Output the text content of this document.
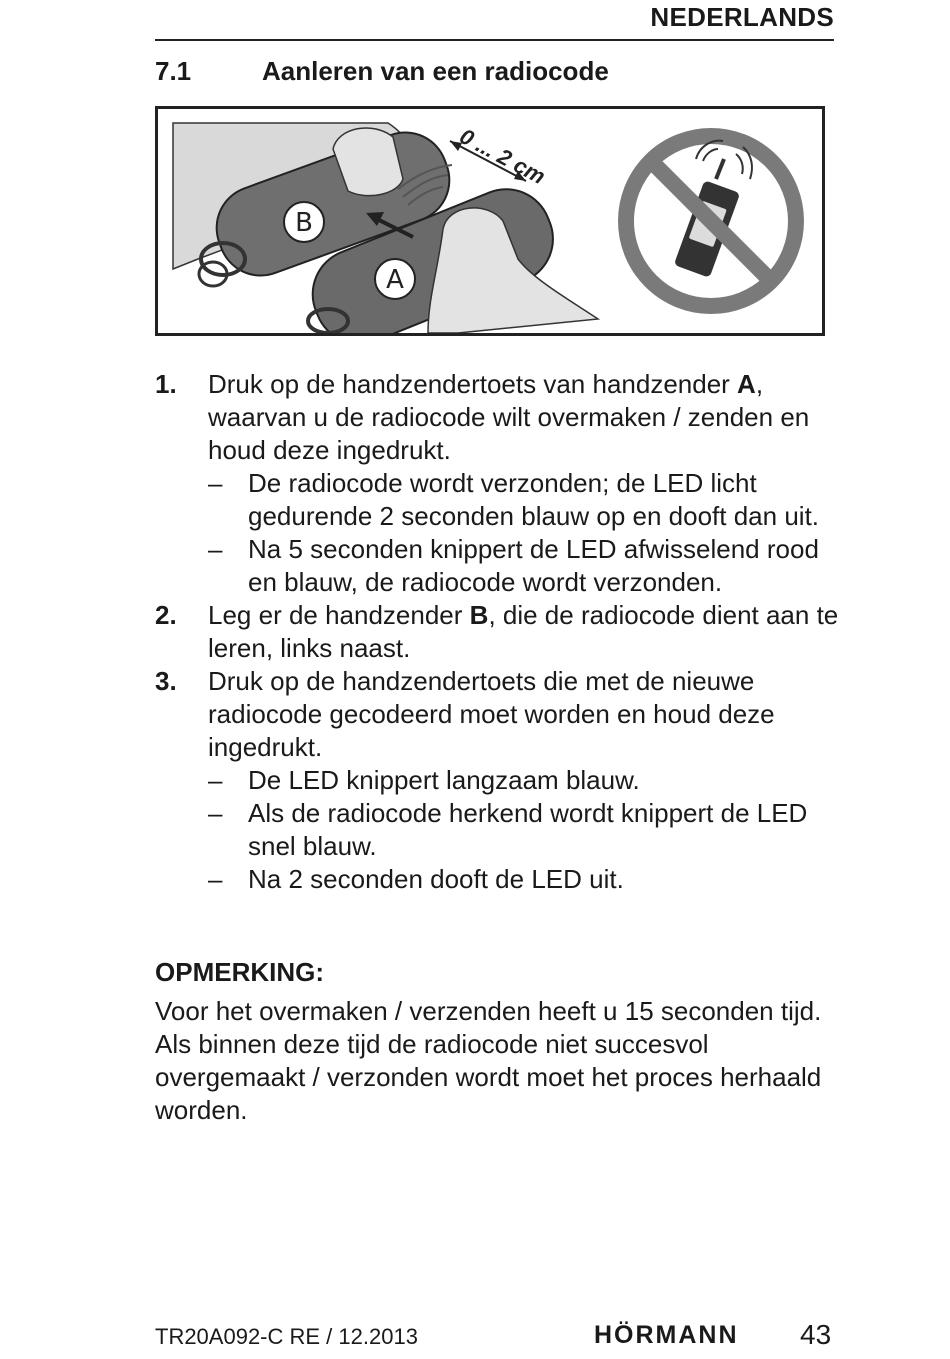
NEDERLANDS
7.1	Aanleren van een radiocode
B
A
0 ... 2 cm
1. Druk op de handzendertoets van handzender A, waarvan u de radiocode wilt overmaken / zenden en houd deze ingedrukt.
– De radiocode wordt verzonden; de LED licht gedurende 2 seconden blauw op en dooft dan uit.
– Na 5 seconden knippert de LED afwisselend rood en blauw, de radiocode wordt verzonden.
2. Leg er de handzender B, die de radiocode dient aan te leren, links naast.
3. Druk op de handzendertoets die met de nieuwe radiocode gecodeerd moet worden en houd deze ingedrukt.
– De LED knippert langzaam blauw.
– Als de radiocode herkend wordt knippert de LED snel blauw.
– Na 2 seconden dooft de LED uit.
OPMERKING:
Voor het overmaken / verzenden heeft u 15 seconden tijd. Als binnen deze tijd de radiocode niet succesvol overgemaakt / verzonden wordt moet het proces herhaald worden.
TR20A092-C RE / 12.2013	HÖRMANN 43
